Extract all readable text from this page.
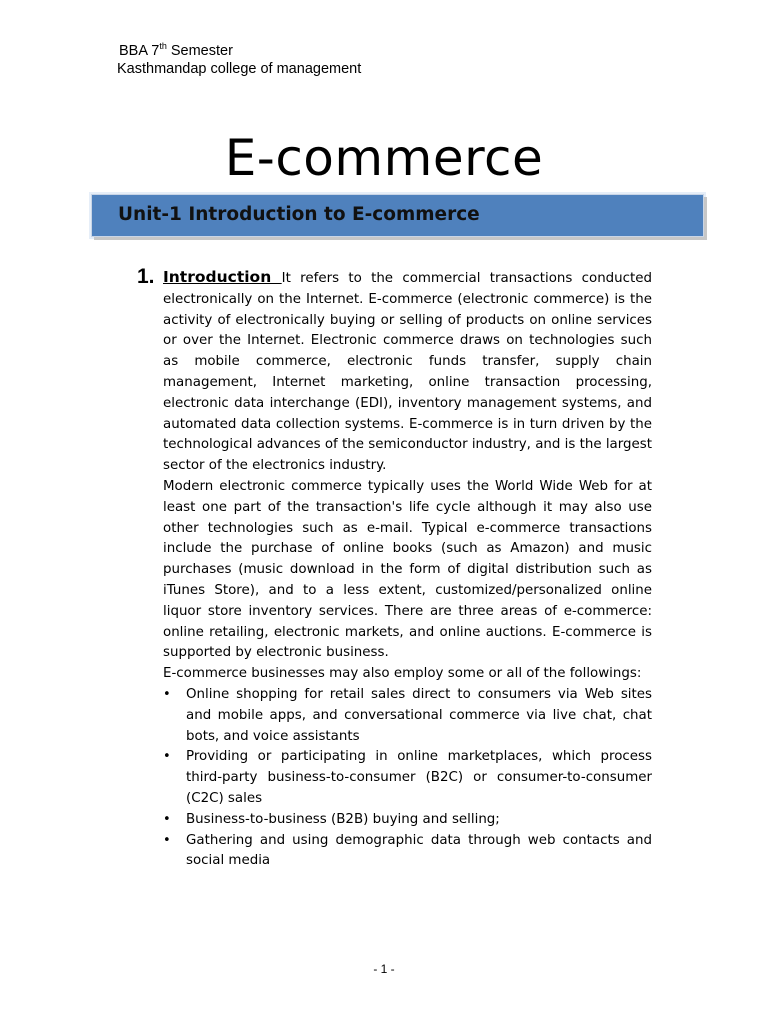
BBA 7th Semester
Kasthmandap college of management
E-commerce
Unit-1 Introduction to E-commerce
1. Introduction It refers to the commercial transactions conducted electronically on the Internet. E-commerce (electronic commerce) is the activity of electronically buying or selling of products on online services or over the Internet. Electronic commerce draws on technologies such as mobile commerce, electronic funds transfer, supply chain management, Internet marketing, online transaction processing, electronic data interchange (EDI), inventory management systems, and automated data collection systems. E-commerce is in turn driven by the technological advances of the semiconductor industry, and is the largest sector of the electronics industry.

Modern electronic commerce typically uses the World Wide Web for at least one part of the transaction's life cycle although it may also use other technologies such as e-mail. Typical e-commerce transactions include the purchase of online books (such as Amazon) and music purchases (music download in the form of digital distribution such as iTunes Store), and to a less extent, customized/personalized online liquor store inventory services. There are three areas of e-commerce: online retailing, electronic markets, and online auctions. E-commerce is supported by electronic business.

E-commerce businesses may also employ some or all of the followings:

• Online shopping for retail sales direct to consumers via Web sites and mobile apps, and conversational commerce via live chat, chat bots, and voice assistants
• Providing or participating in online marketplaces, which process third-party business-to-consumer (B2C) or consumer-to-consumer (C2C) sales
• Business-to-business (B2B) buying and selling;
• Gathering and using demographic data through web contacts and social media
- 1 -
